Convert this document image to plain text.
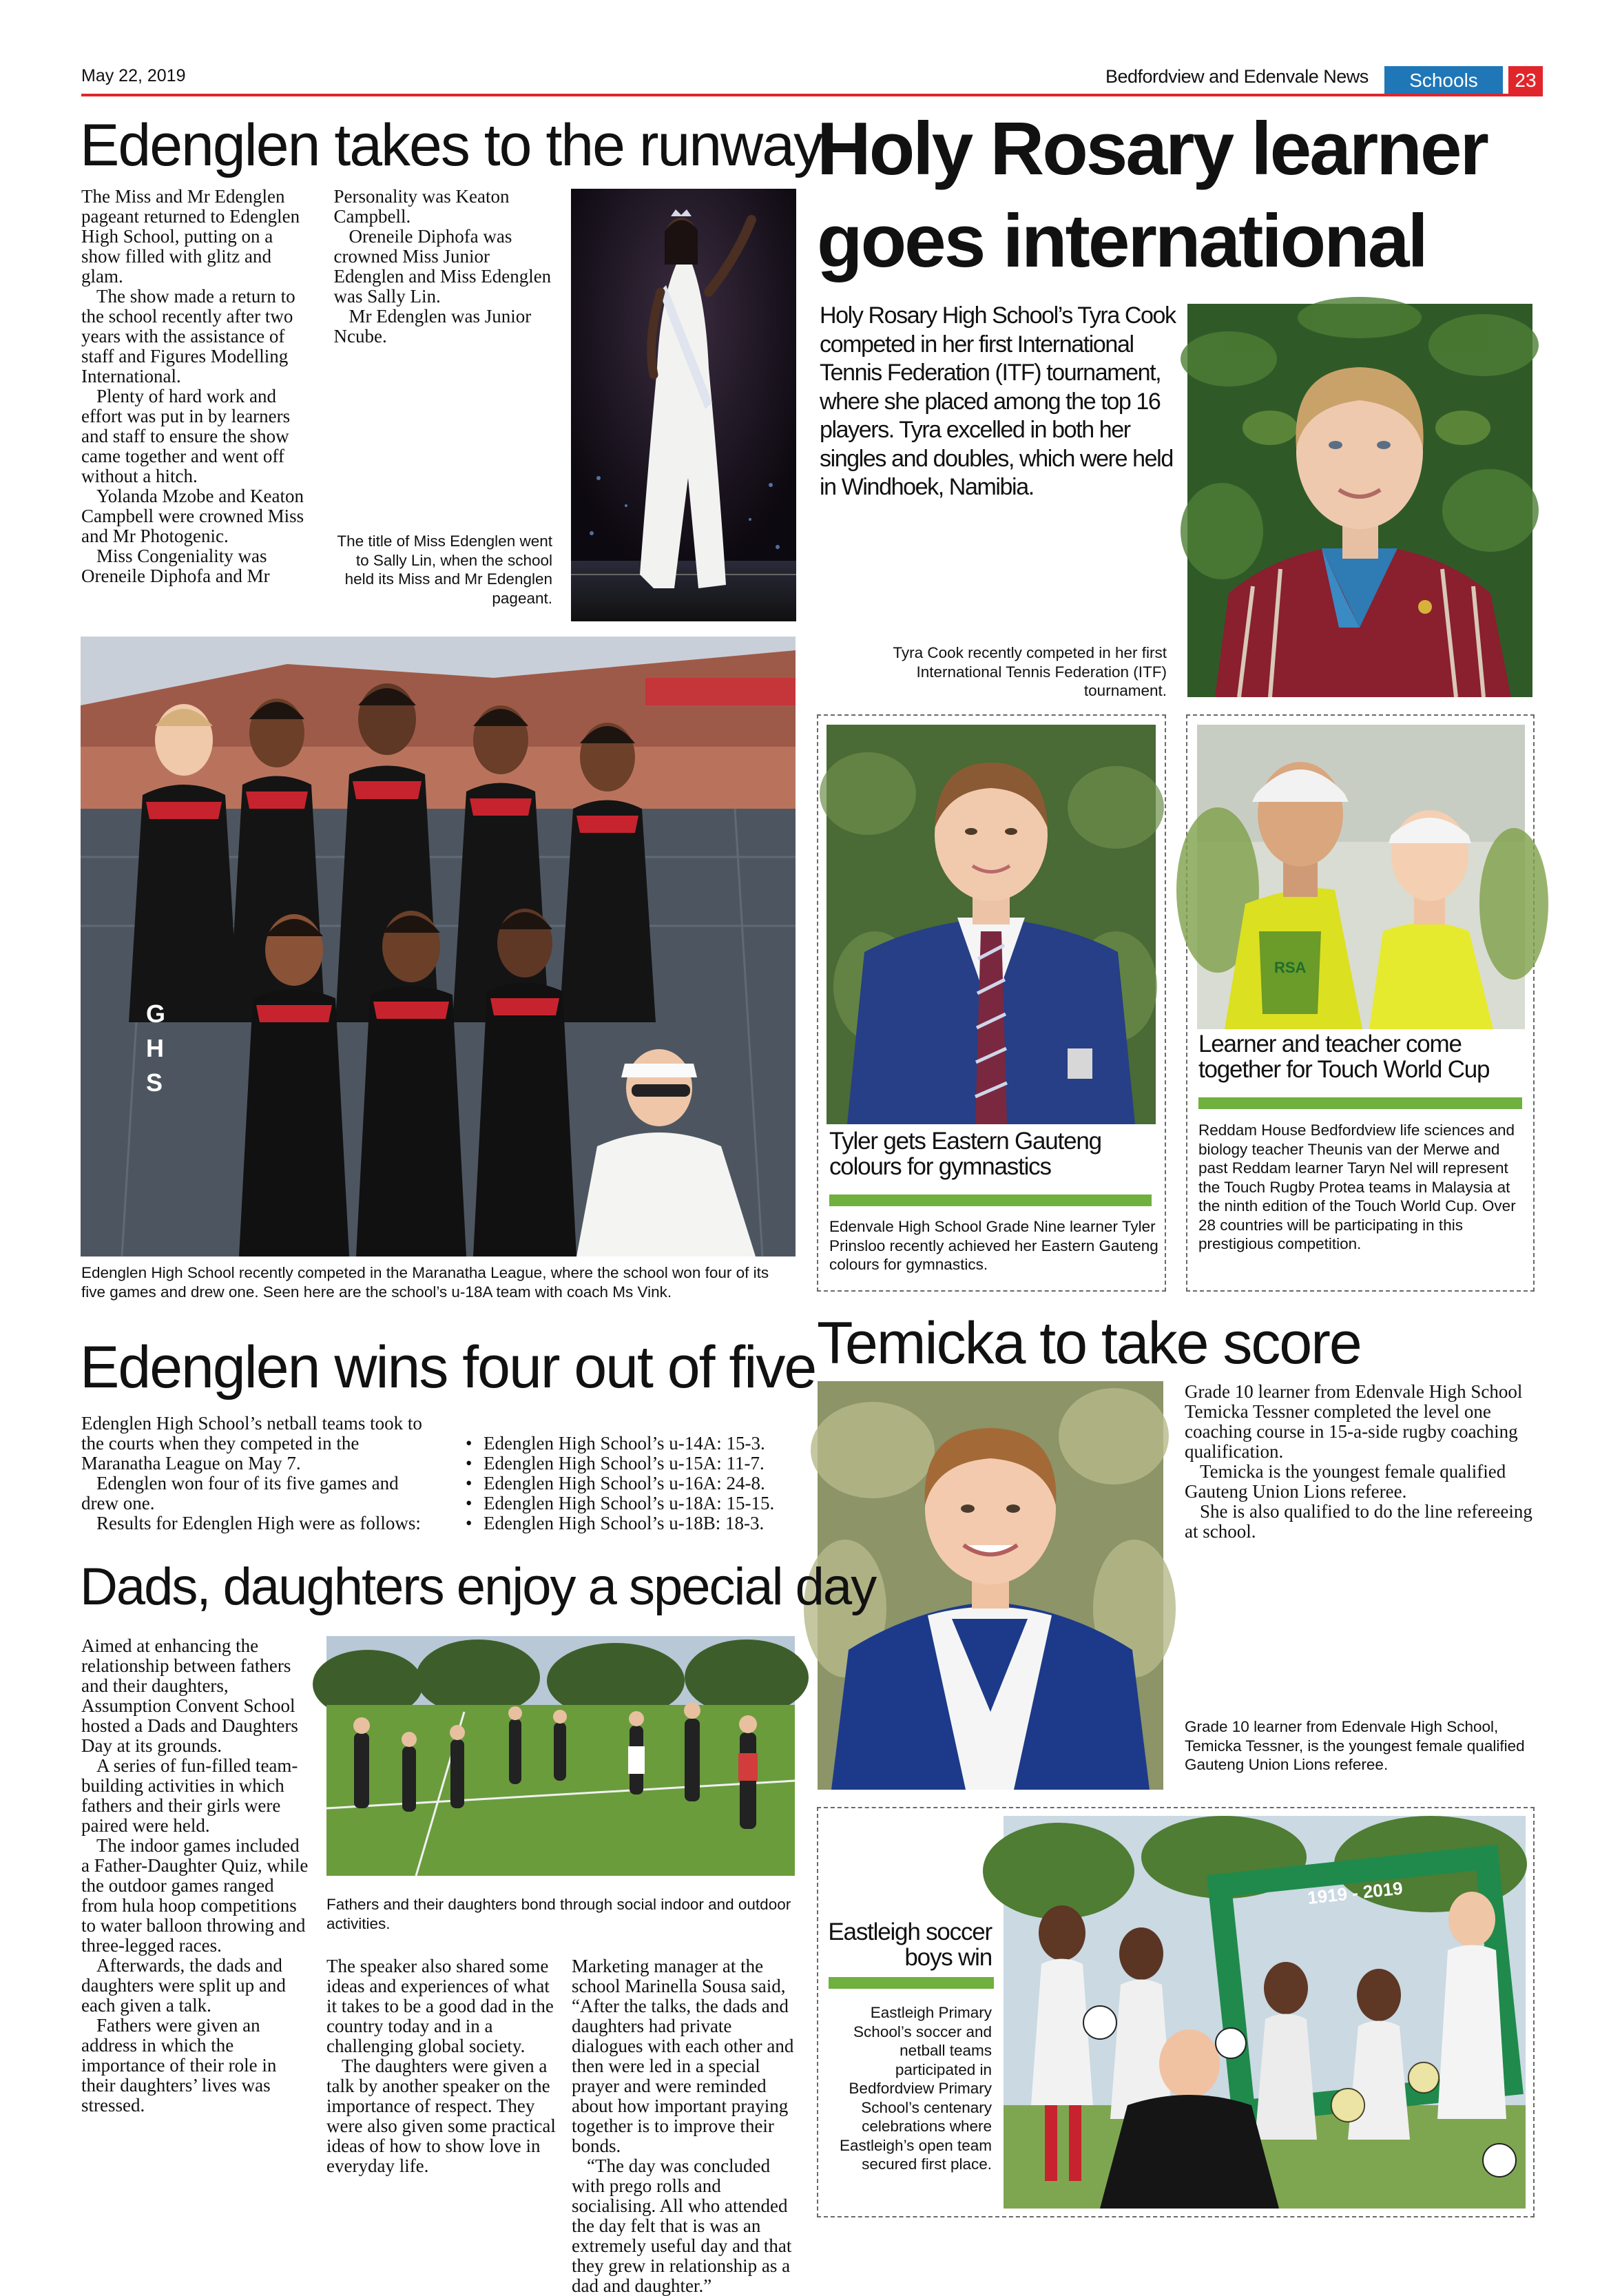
May 22, 2019	Bedfordview and Edenvale News	Schools	23
Edenglen takes to the runway

The Miss and Mr Edenglen pageant returned to Edenglen High School, putting on a show filled with glitz and glam.

The show made a return to the school recently after two years with the assistance of staff and Figures Modelling International.

Plenty of hard work and effort was put in by learners and staff to ensure the show came together and went off without a hitch.

Yolanda Mzobe and Keaton Campbell were crowned Miss and Mr Photogenic.

Miss Congeniality was Oreneile Diphofa and Mr Personality was Keaton Campbell.

Oreneile Diphofa was crowned Miss Junior Edenglen and Miss Edenglen was Sally Lin.

Mr Edenglen was Junior Ncube.

The title of Miss Edenglen went to Sally Lin, when the school held its Miss and Mr Edenglen pageant.
Holy Rosary learner
goes international
Holy Rosary High School’s Tyra Cook competed in her first International Tennis Federation (ITF) tournament, where she placed among the top 16 players. Tyra excelled in both her singles and doubles, which were held in Windhoek, Namibia.
Tyra Cook recently competed in her first International Tennis Federation (ITF) tournament.
G
H
S
Edenglen High School recently competed in the Maranatha League, where the school won four of its five games and drew one. Seen here are the school’s u-18A team with coach Ms Vink.
Tyler gets Eastern Gauteng colours for gymnastics
Edenvale High School Grade Nine learner Tyler Prinsloo recently achieved her Eastern Gauteng colours for gymnastics.
RSA
Learner and teacher come together for Touch World Cup
Reddam House Bedfordview life sciences and biology teacher Theunis van der Merwe and past Reddam learner Taryn Nel will represent the Touch Rugby Protea teams in Malaysia at the ninth edition of the Touch World Cup. Over 28 countries will be participating in this prestigious competition.
Edenglen wins four out of five

Edenglen High School’s netball teams took to the courts when they competed in the Maranatha League on May 7.

Edenglen won four of its five games and drew one.

Results for Edenglen High were as follows:

• Edenglen High School’s u-14A: 15-3.
• Edenglen High School’s u-15A: 11-7.
• Edenglen High School’s u-16A: 24-8.
• Edenglen High School’s u-18A: 15-15.
• Edenglen High School’s u-18B: 18-3.
Temicka to take score

Grade 10 learner from Edenvale High School Temicka Tessner completed the level one coaching course in 15-a-side rugby coaching qualification.

Temicka is the youngest female qualified Gauteng Union Lions referee.

She is also qualified to do the line refereeing at school.

Grade 10 learner from Edenvale High School, Temicka Tessner, is the youngest female qualified Gauteng Union Lions referee.
Dads, daughters enjoy a special day

Aimed at enhancing the relationship between fathers and their daughters, Assumption Convent School hosted a Dads and Daughters Day at its grounds.

A series of fun-filled team-building activities in which fathers and their girls were paired were held.

The indoor games included a Father-Daughter Quiz, while the outdoor games ranged from hula hoop competitions to water balloon throwing and three-legged races.

Afterwards, the dads and daughters were split up and each given a talk.

Fathers were given an address in which the importance of their role in their daughters’ lives was stressed.

The speaker also shared some ideas and experiences of what it takes to be a good dad in the country today and in a challenging global society.

The daughters were given a talk by another speaker on the importance of respect. They were also given some practical ideas of how to show love in everyday life.

Marketing manager at the school Marinella Sousa said, “After the talks, the dads and daughters had private dialogues with each other and then were led in a special prayer and were reminded about how important praying together is to improve their bonds.

“The day was concluded with prego rolls and socialising. All who attended the day felt that is was an extremely useful day and that they grew in relationship as a dad and daughter.”

Fathers and their daughters bond through social indoor and outdoor activities.	Eastleigh soccer boys win
Eastleigh Primary School’s soccer and netball teams participated in Bedfordview Primary School’s centenary celebrations where Eastleigh’s open team secured first place.
1919 - 2019
